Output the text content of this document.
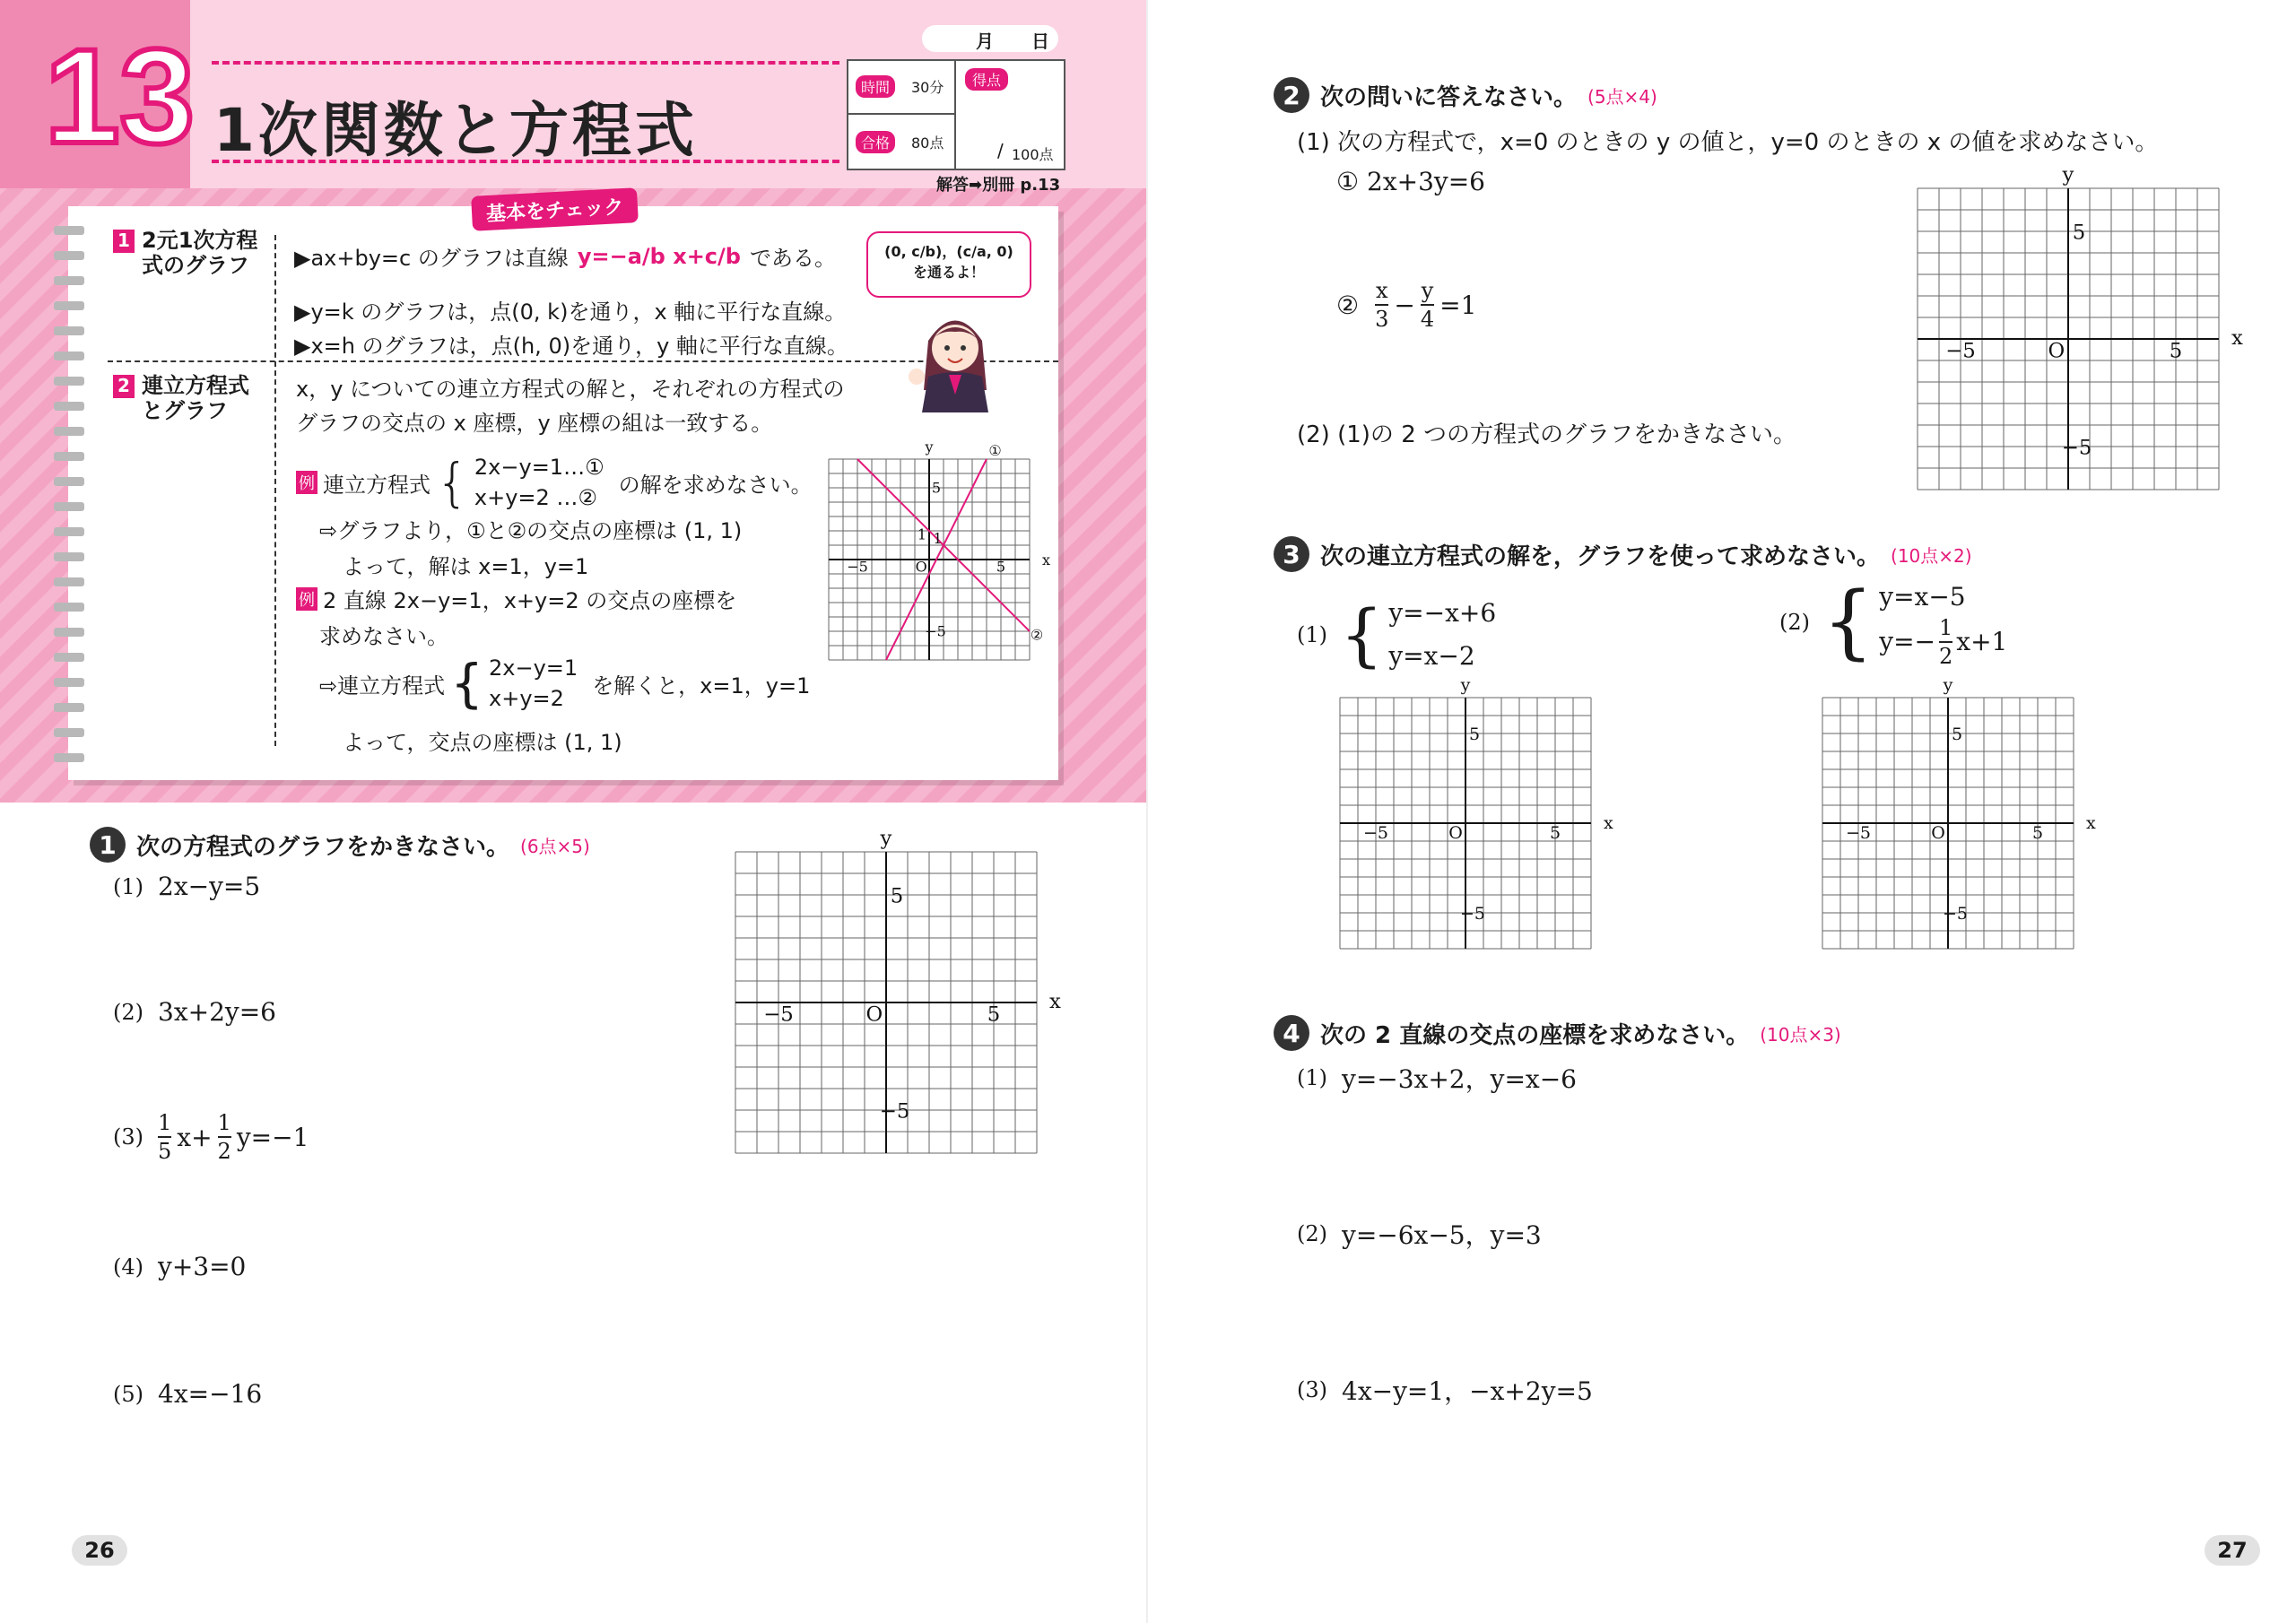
13 1次関数と方程式
月 日
時間	30分
合格	80点
得点
100点
/
解答➡別冊 p.13
基本をチェック
1 2元1次方程式のグラフ	▶ax+by=c のグラフは直線 y=−a/b x+c/b である。
▶y=k のグラフは，点(0, k)を通り，x 軸に平行な直線。
▶x=h のグラフは，点(h, 0)を通り，y 軸に平行な直線。
(0, c/b)，(c/a, 0)
を通るよ！
2 連立方程式とグラフ
x，y についての連立方程式の解と，それぞれの方程式の
グラフの交点の x 座標，y 座標の組は一致する。
例 連立方程式 { 2x−y=1…①
x+y=2 …②
の解を求めなさい。
⇨グラフより，①と②の交点の座標は (1, 1)
よって，解は x=1，y=1
例 2 直線 2x−y=1，x+y=2 の交点の座標を
求めなさい。
⇨連立方程式 { 2x−y=1
x+y=2
を解くと，x=1，y=1
よって，交点の座標は (1, 1)
x
y
O	5
−5
5
−5
①
②
1
1
1 次の方程式のグラフをかきなさい。 (6点×5)
(1) 2x−y=5
(2) 3x+2y=6
$(3) \frac{1}{5} x+ \frac{1}{2} y=-1$
(4) y+3=0
(5) 4x=−16
x
y
O	5
−5
5
−5
26
2 次の問いに答えなさい。 (5点×4)
(1) 次の方程式で，x=0 のときの y の値と，y=0 のときの x の値を求めなさい。
① 2x+3y=6
② $\frac{x}{3} - \frac{y}{4} =1$
(2) (1)の 2 つの方程式のグラフをかきなさい。
x
y
O	5
−5
5
−5
3 次の連立方程式の解を，グラフを使って求めなさい。 (10点×2)
(1) { y=−x+6
y=x−2
(2) { y=x−5
$y=- \frac{1}{2} x+1$
x
y
O	5
−5
5
−5
x
y
O	5
−5
5
−5
4 次の 2 直線の交点の座標を求めなさい。 (10点×3)
(1) y=−3x+2，y=x−6
(2) y=−6x−5，y=3
(3) 4x−y=1，−x+2y=5
27
